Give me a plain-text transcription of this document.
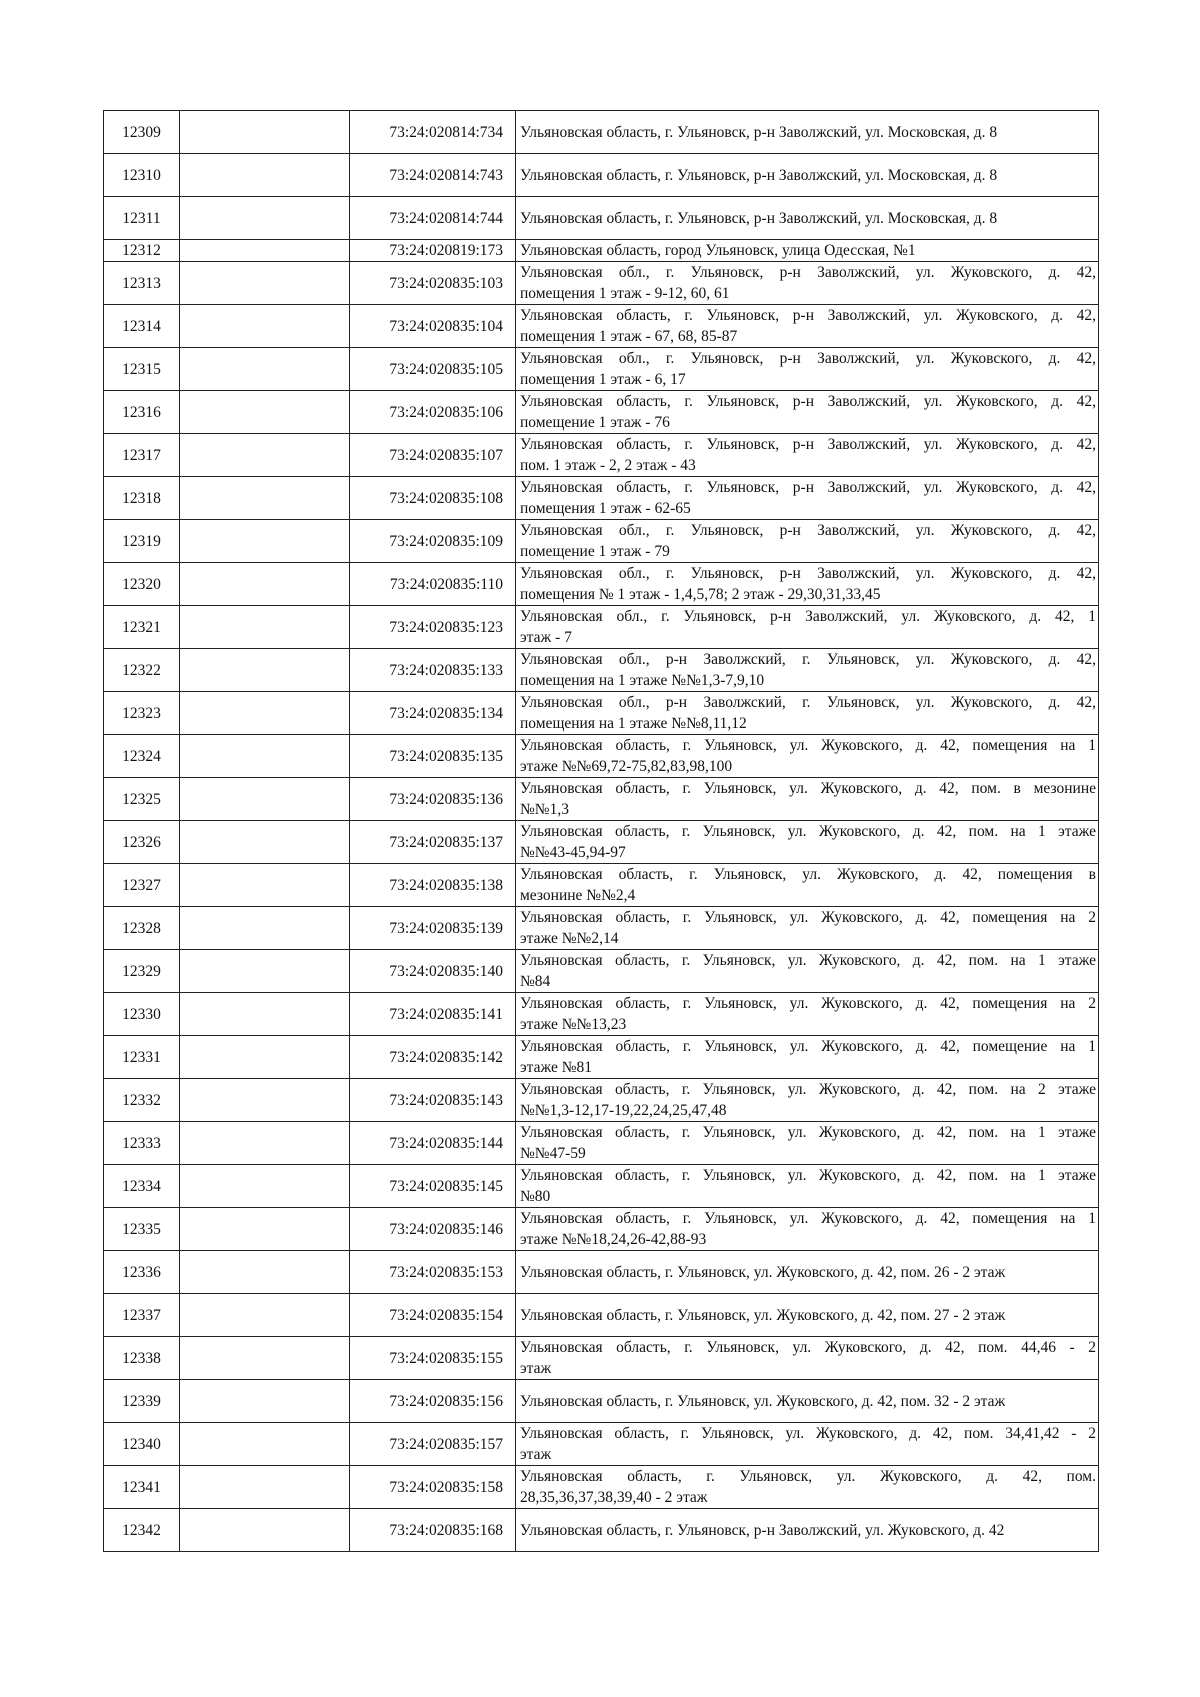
12309		73:24:020814:734	Ульяновская область, г. Ульяновск, р-н Заволжский, ул. Московская, д. 8

12310		73:24:020814:743	Ульяновская область, г. Ульяновск, р-н Заволжский, ул. Московская, д. 8

12311		73:24:020814:744	Ульяновская область, г. Ульяновск, р-н Заволжский, ул. Московская, д. 8

12312		73:24:020819:173	Ульяновская область, город Ульяновск, улица Одесская, №1

12313		73:24:020835:103	Ульяновская обл., г. Ульяновск, р-н Заволжский, ул. Жуковского, д. 42,
помещения 1 этаж - 9-12, 60, 61

12314		73:24:020835:104	Ульяновская область, г. Ульяновск, р-н Заволжский, ул. Жуковского, д. 42,
помещения 1 этаж - 67, 68, 85-87

12315		73:24:020835:105	Ульяновская обл., г. Ульяновск, р-н Заволжский, ул. Жуковского, д. 42,
помещения 1 этаж - 6, 17

12316		73:24:020835:106	Ульяновская область, г. Ульяновск, р-н Заволжский, ул. Жуковского, д. 42,
помещение 1 этаж - 76

12317		73:24:020835:107	Ульяновская область, г. Ульяновск, р-н Заволжский, ул. Жуковского, д. 42,
пом. 1 этаж - 2, 2 этаж - 43

12318		73:24:020835:108	Ульяновская область, г. Ульяновск, р-н Заволжский, ул. Жуковского, д. 42,
помещения 1 этаж - 62-65

12319		73:24:020835:109	Ульяновская обл., г. Ульяновск, р-н Заволжский, ул. Жуковского, д. 42,
помещение 1 этаж - 79

12320		73:24:020835:110	Ульяновская обл., г. Ульяновск, р-н Заволжский, ул. Жуковского, д. 42,
помещения № 1 этаж - 1,4,5,78; 2 этаж - 29,30,31,33,45

12321		73:24:020835:123	Ульяновская обл., г. Ульяновск, р-н Заволжский, ул. Жуковского, д. 42, 1
этаж - 7

12322		73:24:020835:133	Ульяновская обл., р-н Заволжский, г. Ульяновск, ул. Жуковского, д. 42,
помещения на 1 этаже №№1,3-7,9,10

12323		73:24:020835:134	Ульяновская обл., р-н Заволжский, г. Ульяновск, ул. Жуковского, д. 42,
помещения на 1 этаже №№8,11,12

12324		73:24:020835:135	Ульяновская область, г. Ульяновск, ул. Жуковского, д. 42, помещения на 1
этаже №№69,72-75,82,83,98,100

12325		73:24:020835:136	Ульяновская область, г. Ульяновск, ул. Жуковского, д. 42, пом. в мезонине
№№1,3

12326		73:24:020835:137	Ульяновская область, г. Ульяновск, ул. Жуковского, д. 42, пом. на 1 этаже
№№43-45,94-97

12327		73:24:020835:138	Ульяновская область, г. Ульяновск, ул. Жуковского, д. 42, помещения в
мезонине №№2,4

12328		73:24:020835:139	Ульяновская область, г. Ульяновск, ул. Жуковского, д. 42, помещения на 2
этаже №№2,14

12329		73:24:020835:140	Ульяновская область, г. Ульяновск, ул. Жуковского, д. 42, пом. на 1 этаже
№84

12330		73:24:020835:141	Ульяновская область, г. Ульяновск, ул. Жуковского, д. 42, помещения на 2
этаже №№13,23

12331		73:24:020835:142	Ульяновская область, г. Ульяновск, ул. Жуковского, д. 42, помещение на 1
этаже №81

12332		73:24:020835:143	Ульяновская область, г. Ульяновск, ул. Жуковского, д. 42, пом. на 2 этаже
№№1,3-12,17-19,22,24,25,47,48

12333		73:24:020835:144	Ульяновская область, г. Ульяновск, ул. Жуковского, д. 42, пом. на 1 этаже
№№47-59

12334		73:24:020835:145	Ульяновская область, г. Ульяновск, ул. Жуковского, д. 42, пом. на 1 этаже
№80

12335		73:24:020835:146	Ульяновская область, г. Ульяновск, ул. Жуковского, д. 42, помещения на 1
этаже №№18,24,26-42,88-93

12336		73:24:020835:153	Ульяновская область, г. Ульяновск, ул. Жуковского, д. 42, пом. 26 - 2 этаж

12337		73:24:020835:154	Ульяновская область, г. Ульяновск, ул. Жуковского, д. 42, пом. 27 - 2 этаж

12338		73:24:020835:155	Ульяновская область, г. Ульяновск, ул. Жуковского, д. 42, пом. 44,46 - 2
этаж

12339		73:24:020835:156	Ульяновская область, г. Ульяновск, ул. Жуковского, д. 42, пом. 32 - 2 этаж

12340		73:24:020835:157	Ульяновская область, г. Ульяновск, ул. Жуковского, д. 42, пом. 34,41,42 - 2
этаж

12341		73:24:020835:158	Ульяновская область, г. Ульяновск, ул. Жуковского, д. 42, пом.
28,35,36,37,38,39,40 - 2 этаж

12342		73:24:020835:168	Ульяновская область, г. Ульяновск, р-н Заволжский, ул. Жуковского, д. 42
